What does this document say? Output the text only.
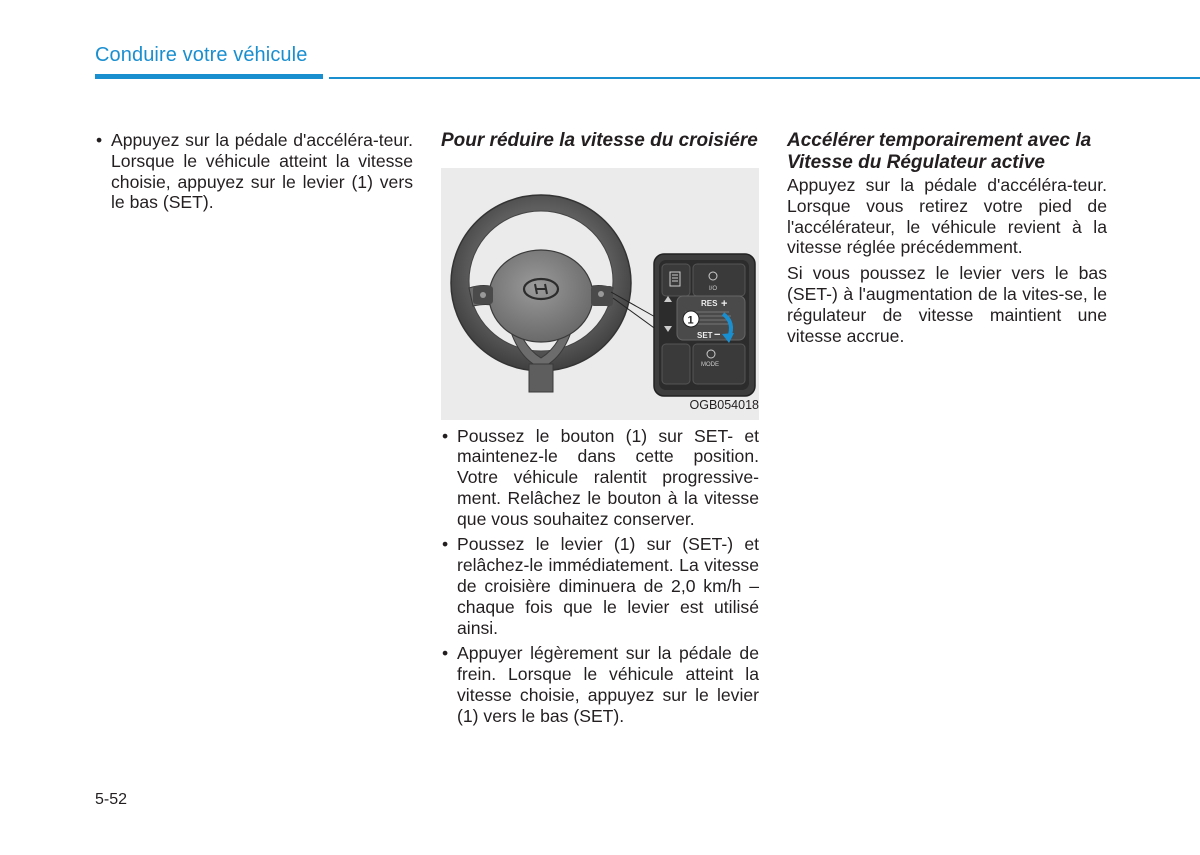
Conduire votre véhicule
• Appuyez sur la pédale d'accéléra-teur. Lorsque le véhicule atteint la vitesse choisie, appuyez sur le levier (1) vers le bas (SET).
Pour réduire la vitesse du croisiére
I/O
RES +
SET −
1
MODE
OGB054018
• Poussez le bouton (1) sur SET- et maintenez-le dans cette position. Votre véhicule ralentit progressive-ment. Relâchez le bouton à la vitesse que vous souhaitez conserver.
• Poussez le levier (1) sur (SET-) et relâchez-le immédiatement. La vitesse de croisière diminuera de 2,0 km/h – chaque fois que le levier est utilisé ainsi.
• Appuyer légèrement sur la pédale de frein. Lorsque le véhicule atteint la vitesse choisie, appuyez sur le levier (1) vers le bas (SET).
Accélérer temporairement avec la Vitesse du Régulateur active

Appuyez sur la pédale d'accéléra-teur. Lorsque vous retirez votre pied de l'accélérateur, le véhicule revient à la vitesse réglée précédemment.

Si vous poussez le levier vers le bas (SET-) à l'augmentation de la vites-se, le régulateur de vitesse maintient une vitesse accrue.

5-52
